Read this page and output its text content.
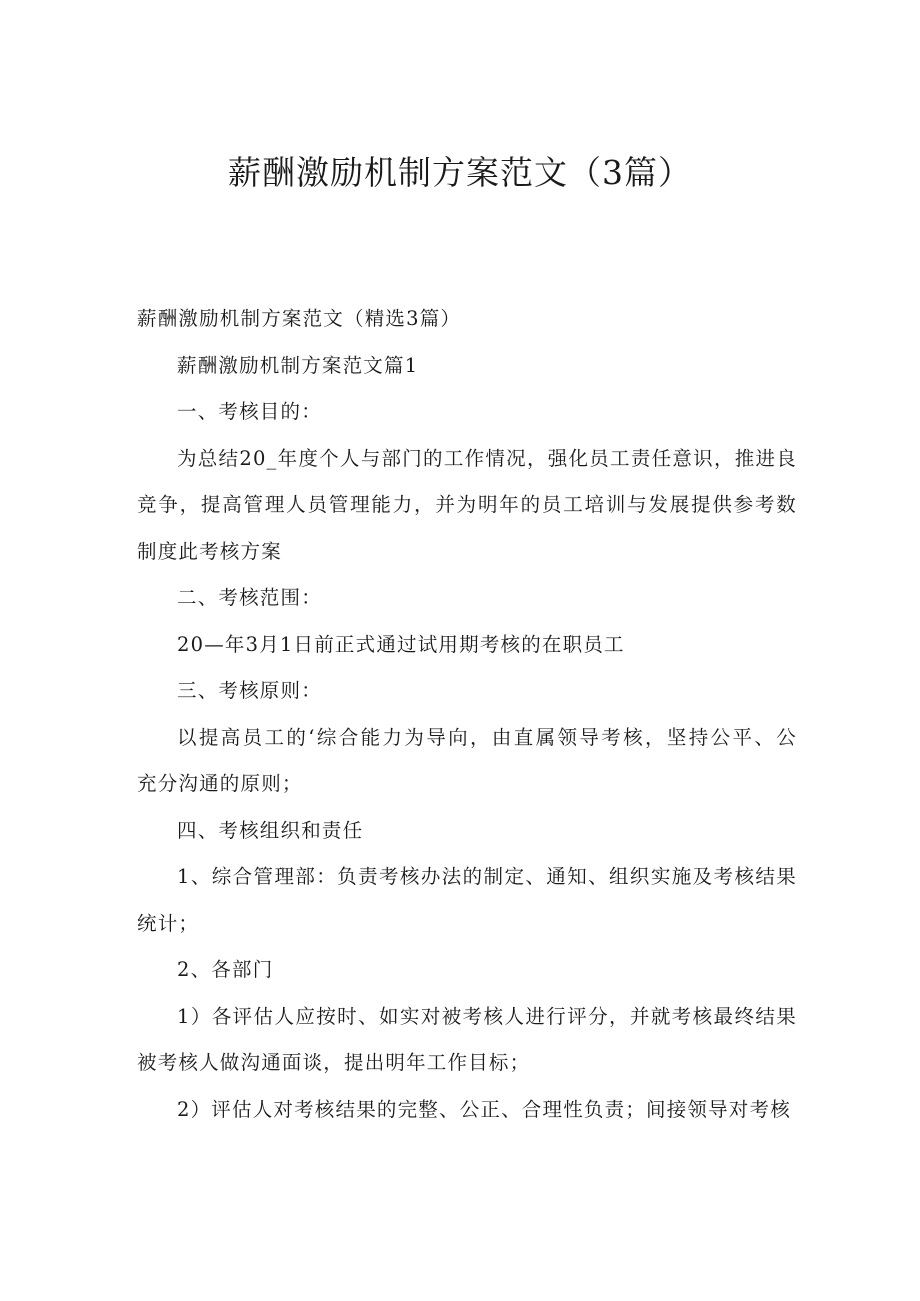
薪酬激励机制方案范文（3篇）
薪酬激励机制方案范文（精选3篇）
薪酬激励机制方案范文篇1
一、考核目的：
为总结20_年度个人与部门的工作情况，强化员工责任意识，推进良
竞争，提高管理人员管理能力，并为明年的员工培训与发展提供参考数
制度此考核方案
二、考核范围：
20—年3月1日前正式通过试用期考核的在职员工
三、考核原则：
以提高员工的‘综合能力为导向，由直属领导考核，坚持公平、公
充分沟通的原则；
四、考核组织和责任
1、综合管理部：负责考核办法的制定、通知、组织实施及考核结果
统计；
2、各部门
1）各评估人应按时、如实对被考核人进行评分，并就考核最终结果
被考核人做沟通面谈，提出明年工作目标；
2）评估人对考核结果的完整、公正、合理性负责；间接领导对考核
